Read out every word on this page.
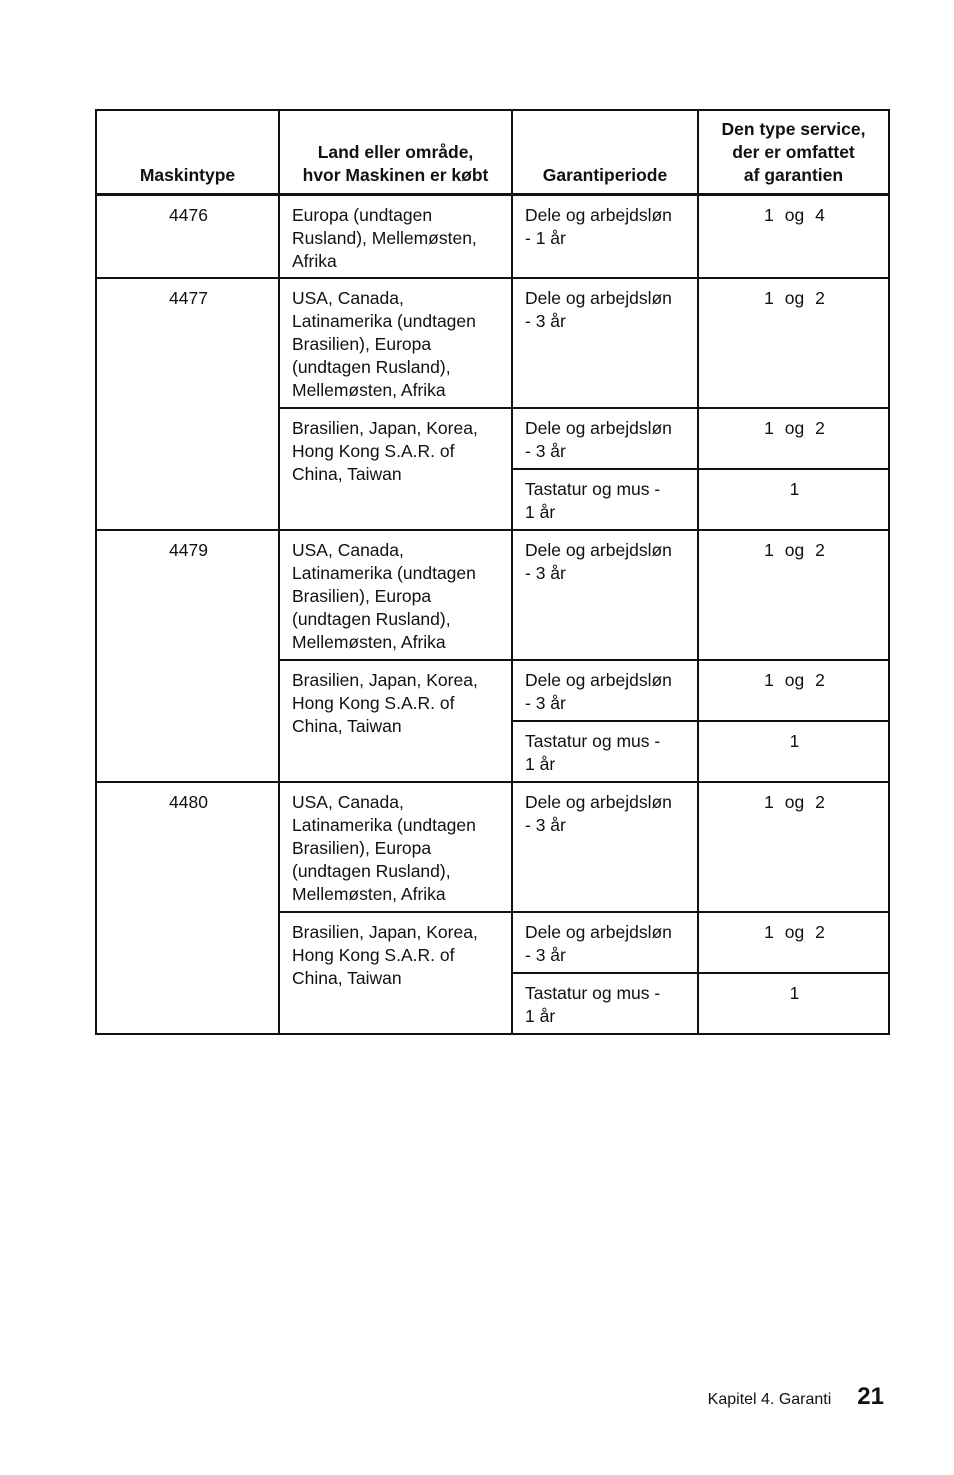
Maskintype	Land eller område,
hvor Maskinen er købt	Garantiperiode	Den type service,
der er omfattet
af garantien

4476	Europa (undtagen
Rusland), Mellemøsten,
Afrika	Dele og arbejdsløn
- 1 år	1 og 4
4477	USA, Canada,
Latinamerika (undtagen
Brasilien), Europa
(undtagen Rusland),
Mellemøsten, Afrika	Dele og arbejdsløn
- 3 år	1 og 2

	Brasilien, Japan, Korea,
Hong Kong S.A.R. of
China, Taiwan	Dele og arbejdsløn
- 3 år	1 og 2

		Tastatur og mus -
1 år	1
4479	USA, Canada,
Latinamerika (undtagen
Brasilien), Europa
(undtagen Rusland),
Mellemøsten, Afrika	Dele og arbejdsløn
- 3 år	1 og 2

	Brasilien, Japan, Korea,
Hong Kong S.A.R. of
China, Taiwan	Dele og arbejdsløn
- 3 år	1 og 2

		Tastatur og mus -
1 år	1
4480	USA, Canada,
Latinamerika (undtagen
Brasilien), Europa
(undtagen Rusland),
Mellemøsten, Afrika	Dele og arbejdsløn
- 3 år	1 og 2

	Brasilien, Japan, Korea,
Hong Kong S.A.R. of
China, Taiwan	Dele og arbejdsløn
- 3 år	1 og 2

		Tastatur og mus -
1 år	1
Kapitel 4. Garanti 21
